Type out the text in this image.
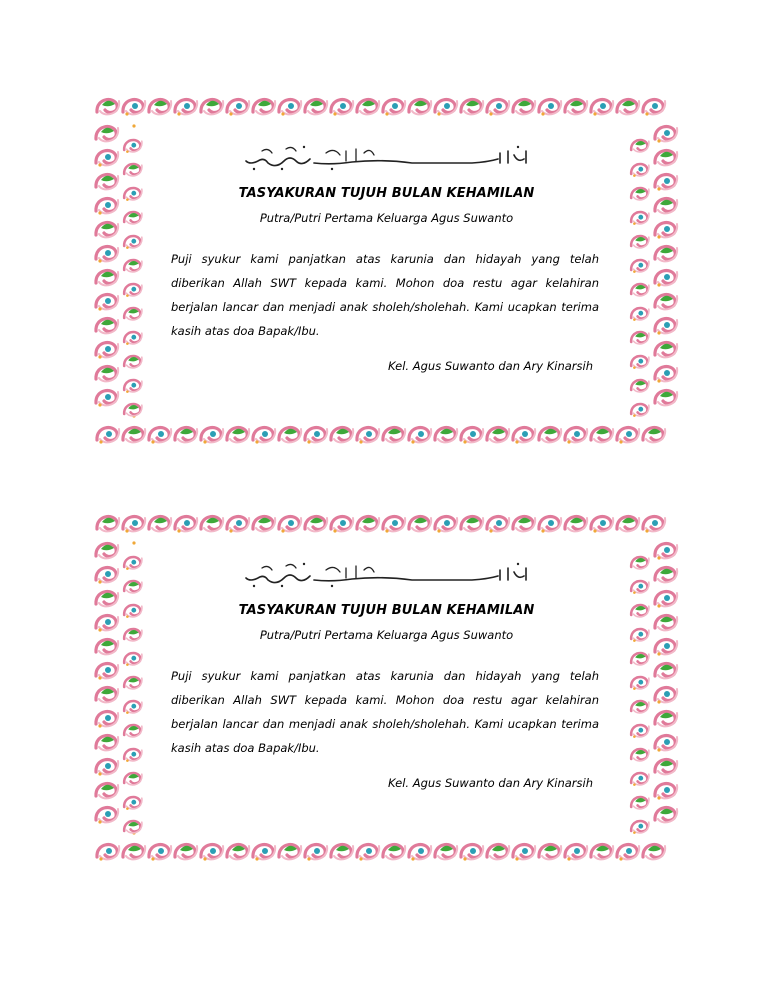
TASYAKURAN TUJUH BULAN KEHAMILAN
Putra/Putri Pertama Keluarga Agus Suwanto
Puji syukur kami panjatkan atas karunia dan hidayah yang telah diberikan Allah SWT kepada kami. Mohon doa restu agar kelahiran berjalan lancar dan menjadi anak sholeh/sholehah. Kami ucapkan terima kasih atas doa Bapak/Ibu.
Kel. Agus Suwanto dan Ary Kinarsih
TASYAKURAN TUJUH BULAN KEHAMILAN
Putra/Putri Pertama Keluarga Agus Suwanto
Puji syukur kami panjatkan atas karunia dan hidayah yang telah diberikan Allah SWT kepada kami. Mohon doa restu agar kelahiran berjalan lancar dan menjadi anak sholeh/sholehah. Kami ucapkan terima kasih atas doa Bapak/Ibu.
Kel. Agus Suwanto dan Ary Kinarsih
